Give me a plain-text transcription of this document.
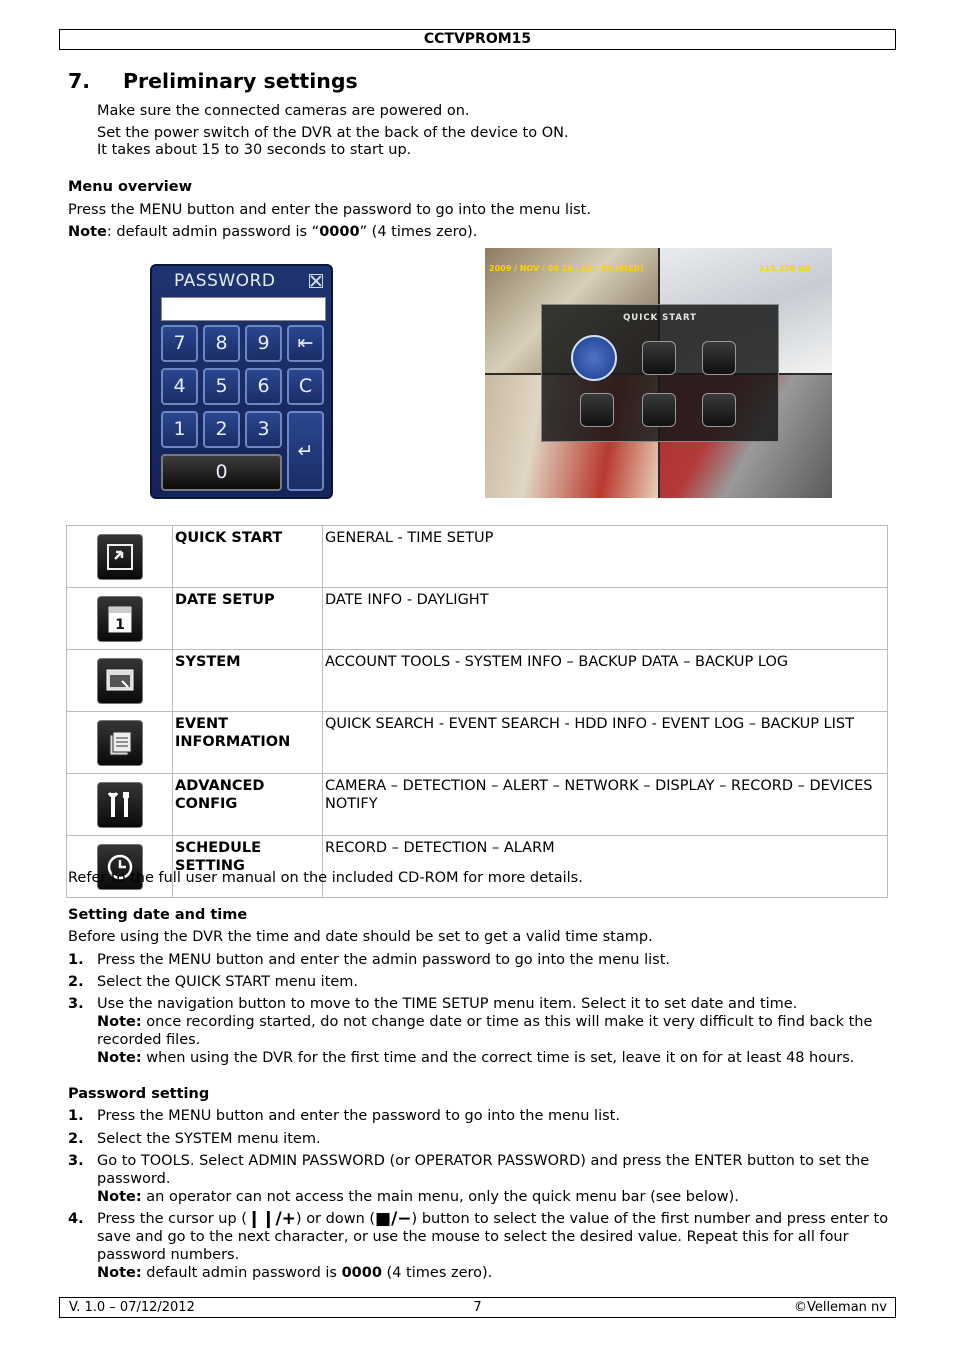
CCTVPROM15
7. Preliminary settings
Make sure the connected cameras are powered on.
Set the power switch of the DVR at the back of the device to ON.
It takes about 15 to 30 seconds to start up.
Menu overview
Press the MENU button and enter the password to go into the menu list.
Note: default admin password is “0000” (4 times zero).
PASSWORD
7	8	9	⇤
4	5	6	C
1	2	3
↵
0
2009 / NOV / 04 16 : 53 : 03 (WED)	115.276 GB
QUICK START
	QUICK START	GENERAL - TIME SETUP

1	DATE SETUP	DATE INFO - DAYLIGHT

	SYSTEM	ACCOUNT TOOLS - SYSTEM INFO – BACKUP DATA – BACKUP LOG

	EVENT INFORMATION	QUICK SEARCH - EVENT SEARCH - HDD INFO - EVENT LOG – BACKUP LIST

	ADVANCED CONFIG	CAMERA – DETECTION – ALERT – NETWORK – DISPLAY – RECORD – DEVICES NOTIFY

	SCHEDULE SETTING	RECORD – DETECTION – ALARM
Refer to the full user manual on the included CD-ROM for more details.
Setting date and time
Before using the DVR the time and date should be set to get a valid time stamp.
1. Press the MENU button and enter the admin password to go into the menu list.
2. Select the QUICK START menu item.
3. Use the navigation button to move to the TIME SETUP menu item. Select it to set date and time.
Note: once recording started, do not change date or time as this will make it very difficult to find back the recorded files.
Note: when using the DVR for the first time and the correct time is set, leave it on for at least 48 hours.
Password setting
1. Press the MENU button and enter the password to go into the menu list.
2. Select the SYSTEM menu item.
3. Go to TOOLS. Select ADMIN PASSWORD (or OPERATOR PASSWORD) and press the ENTER button to set the password.
Note: an operator can not access the main menu, only the quick menu bar (see below).
4. Press the cursor up (❙❙/+) or down (■/−) button to select the value of the first number and press enter to save and go to the next character, or use the mouse to select the desired value. Repeat this for all four password numbers.
Note: default admin password is 0000 (4 times zero).
V. 1.0 – 07/12/2012	7	©Velleman nv
